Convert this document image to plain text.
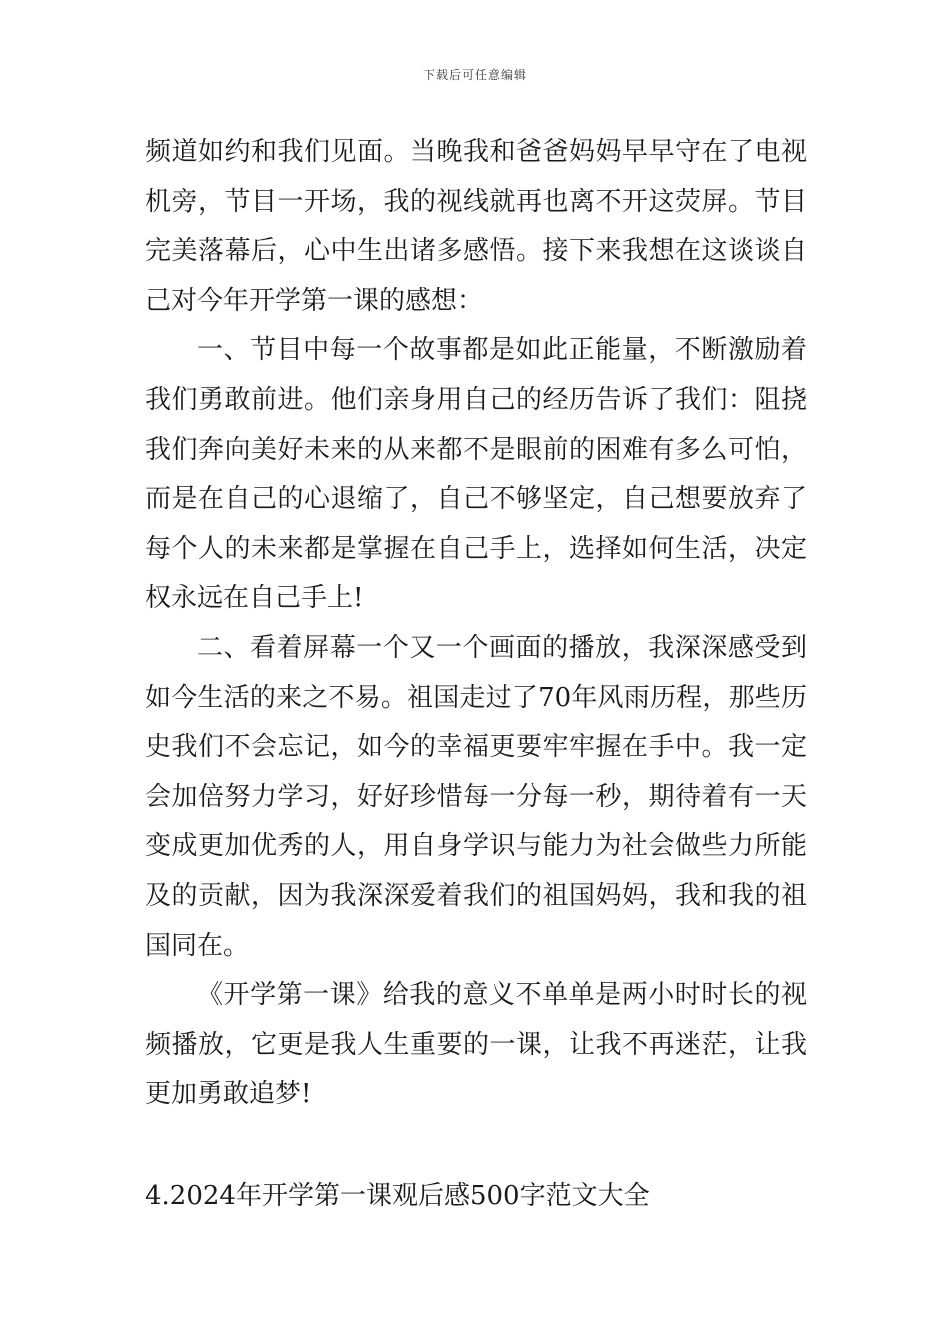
下载后可任意编辑

频道如约和我们见面。当晚我和爸爸妈妈早早守在了电视机旁，节目一开场，我的视线就再也离不开这荧屏。节目完美落幕后，心中生出诸多感悟。接下来我想在这谈谈自己对今年开学第一课的感想：

一、节目中每一个故事都是如此正能量，不断激励着我们勇敢前进。他们亲身用自己的经历告诉了我们：阻挠我们奔向美好未来的从来都不是眼前的困难有多么可怕，而是在自己的心退缩了，自己不够坚定，自己想要放弃了每个人的未来都是掌握在自己手上，选择如何生活，决定权永远在自己手上!

二、看着屏幕一个又一个画面的播放，我深深感受到如今生活的来之不易。祖国走过了70年风雨历程，那些历史我们不会忘记，如今的幸福更要牢牢握在手中。我一定会加倍努力学习，好好珍惜每一分每一秒，期待着有一天变成更加优秀的人，用自身学识与能力为社会做些力所能及的贡献，因为我深深爱着我们的祖国妈妈，我和我的祖国同在。

《开学第一课》给我的意义不单单是两小时时长的视频播放，它更是我人生重要的一课，让我不再迷茫，让我更加勇敢追梦!

4.2024年开学第一课观后感500字范文大全
